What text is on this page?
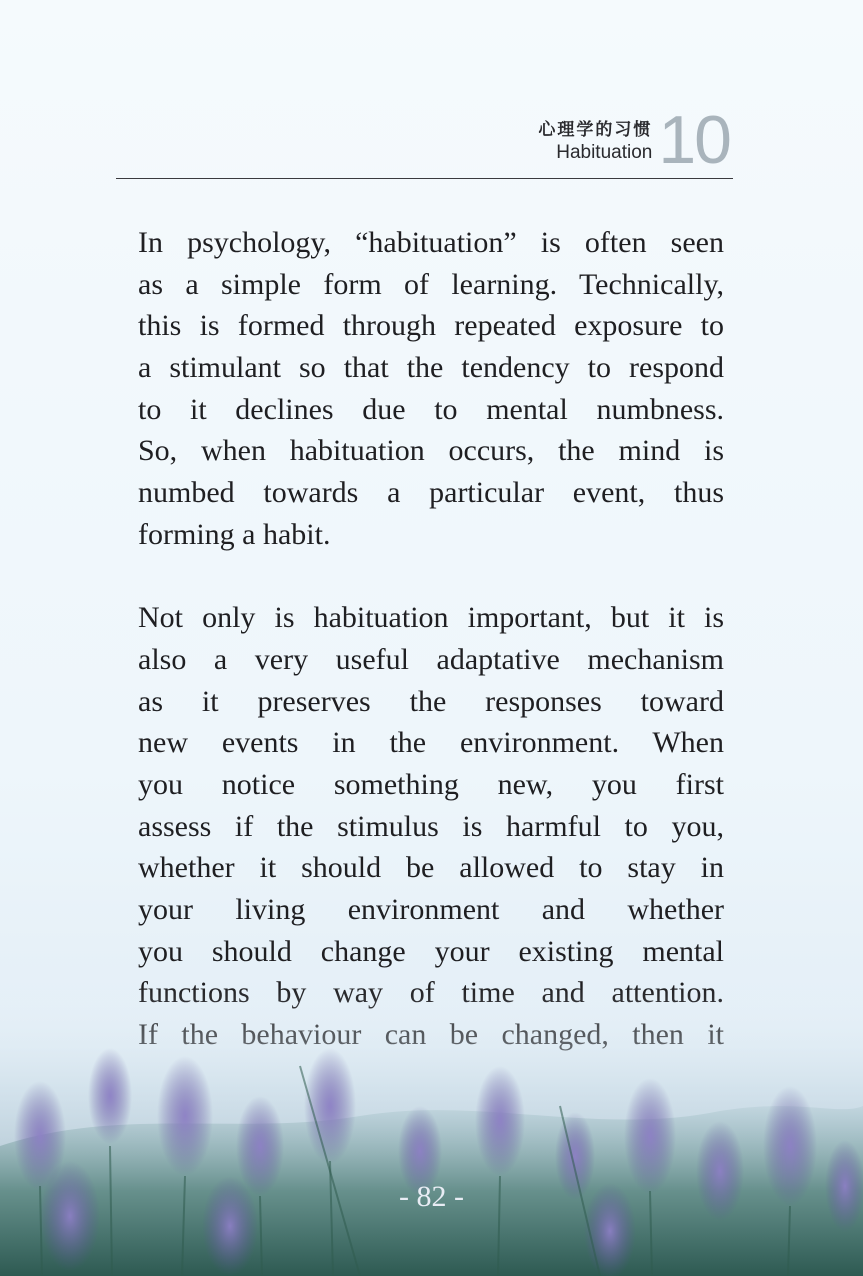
心理学的习惯
Habituation 10
In psychology, “habituation” is often seen
as a simple form of learning. Technically,
this is formed through repeated exposure to
a stimulant so that the tendency to respond
to it declines due to mental numbness.
So, when habituation occurs, the mind is
numbed towards a particular event, thus
forming a habit.
Not only is habituation important, but it is
also a very useful adaptative mechanism
as it preserves the responses toward
new events in the environment. When
you notice something new, you first
assess if the stimulus is harmful to you,
whether it should be allowed to stay in
your living environment and whether
you should change your existing mental
- 82 -
